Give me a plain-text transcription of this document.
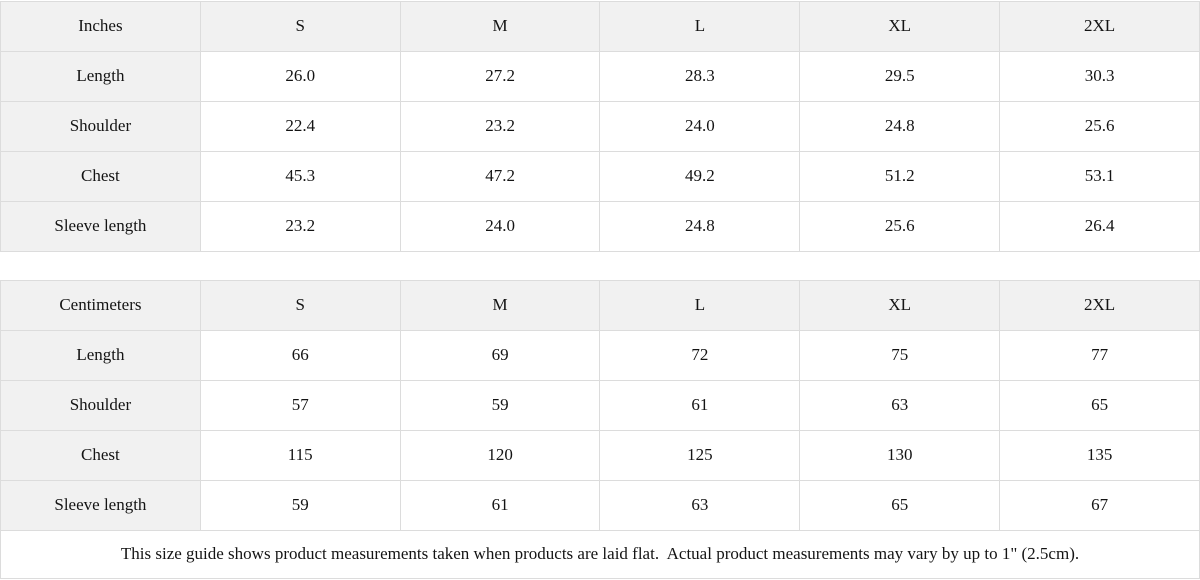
Inches	S	M	L	XL	2XL
Length	26.0	27.2	28.3	29.5	30.3
Shoulder	22.4	23.2	24.0	24.8	25.6
Chest	45.3	47.2	49.2	51.2	53.1
Sleeve length	23.2	24.0	24.8	25.6	26.4
Centimeters	S	M	L	XL	2XL
Length	66	69	72	75	77
Shoulder	57	59	61	63	65
Chest	115	120	125	130	135
Sleeve length	59	61	63	65	67
This size guide shows product measurements taken when products are laid flat.  Actual product measurements may vary by up to 1" (2.5cm).					
